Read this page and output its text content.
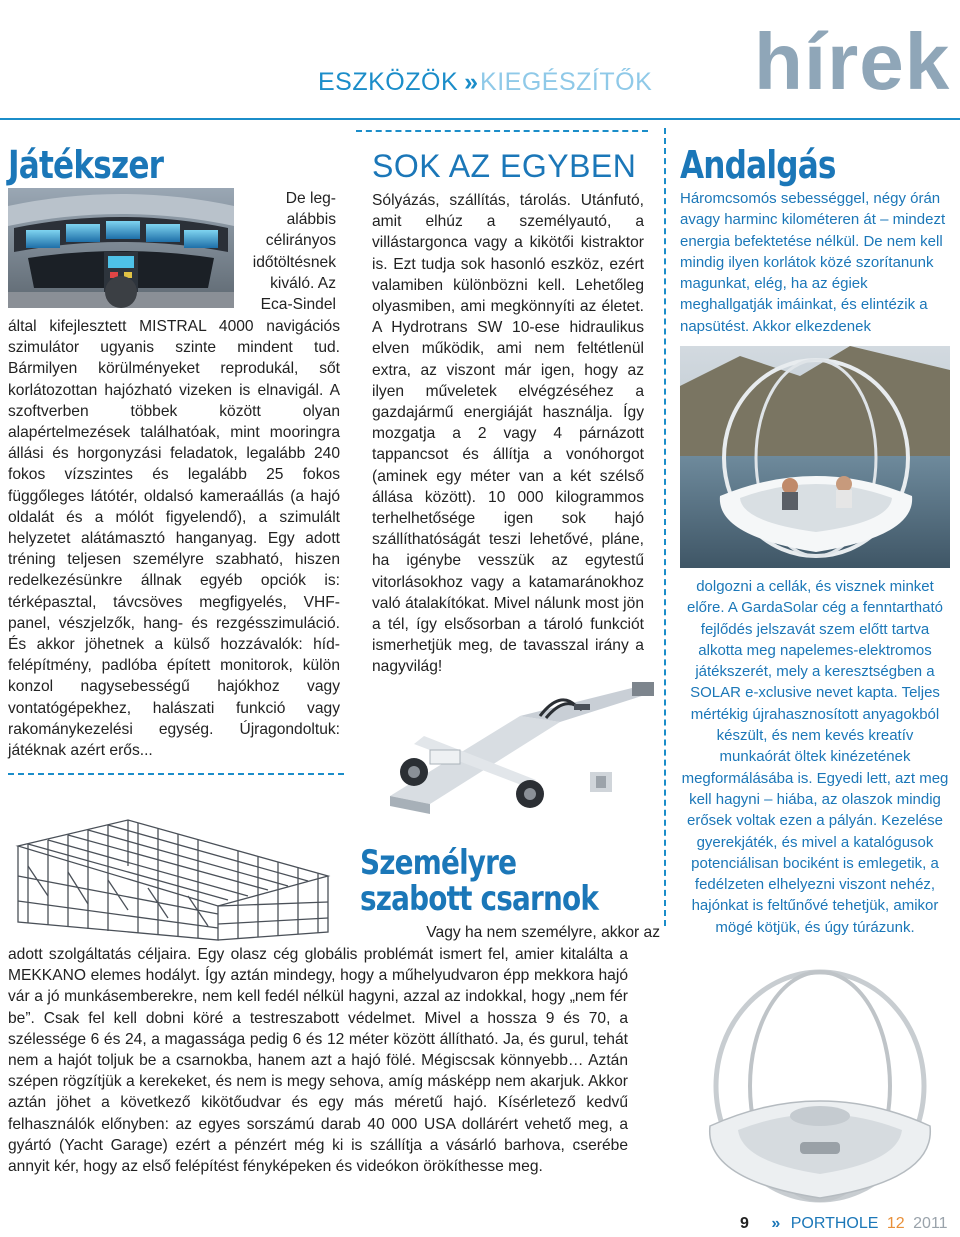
ESZKÖZÖK » KIEGÉSZÍTŐK hírek
Játékszer

De leg-

alábbis

célirányos

időtöltésnek

kiváló. Az

Eca-Sindel

által kifejlesztett MISTRAL 4000 navigációs szimulátor ugyanis szinte mindent tud. Bármilyen körülményeket reprodukál, sőt korlátozottan hajózható vizeken is elnavigál. A szoftverben többek között olyan alapértelmezések találhatóak, mint mooringra állási és horgonyzási feladatok, legalább 240 fokos vízszintes és legalább 25 fokos függőleges látótér, oldalsó kameraállás (a hajó oldalát és a mólót figyelendő), a szimulált helyzetet alátámasztó hanganyag. Egy adott tréning teljesen személyre szabható, hiszen redelkezésünkre állnak egyéb opciók is: térképasztal, távcsöves megfigyelés, VHF-panel, vészjelzők, hang- és rezgésszimuláció. És akkor jöhetnek a külső hozzávalók: híd-felépítmény, padlóba épített monitorok, külön konzol nagysebességű hajókhoz vagy vontatógépekhez, halászati funkció vagy rakománykezelési egység. Újragondoltuk: játéknak azért erős...
SOK AZ EGYBEN
Sólyázás, szállítás, tárolás. Utánfutó, amit elhúz a személyautó, a villástargonca vagy a kikötői kistraktor is. Ezt tudja sok hasonló eszköz, ezért valamiben különbözni kell. Lehetőleg olyasmiben, ami megkönnyíti az életet. A Hydrotrans SW 10-ese hidraulikus elven működik, ami nem feltétlenül extra, az viszont már igen, hogy az ilyen műveletek elvégzéséhez a gazdajármű energiáját használja. Így mozgatja a 2 vagy 4 párnázott tappancsot és állítja a vonóhorgot (aminek egy méter van a két szélső állása között). 10 000 kilogrammos terhelhetősége igen sok hajó szállíthatóságát teszi lehetővé, pláne, ha igénybe vesszük az egytestű vitorlásokhoz vagy a katamaránokhoz való átalakítókat. Mivel nálunk most jön a tél, így elsősorban a tároló funkciót ismerhetjük meg, de tavasszal irány a nagyvilág!
Andalgás
Háromcsomós sebességgel, négy órán avagy harminc kilométeren át – mindezt energia befektetése nélkül. De nem kell mindig ilyen korlátok közé szorítanunk magunkat, elég, ha az égiek meghallgatják imáinkat, és elintézik a napsütést. Akkor elkezdenek
dolgozni a cellák, és visznek minket előre. A GardaSolar cég a fenntartható fejlődés jelszavát szem előtt tartva alkotta meg napelemes-elektromos játékszerét, mely a keresztségben a SOLAR e-xclusive nevet kapta. Teljes mértékig újrahasznosított anyagokból készült, és nem kevés kreatív munkaórát öltek kinézetének megformálásába is. Egyedi lett, azt meg kell hagyni – hiába, az olaszok mindig erősek voltak ezen a pályán. Kezelése gyerekjáték, és mivel a katalógusok potenciálisan bociként is emlegetik, a fedélzeten elhelyezni viszont nehéz, hajónkat is feltűnővé tehetjük, amikor mögé kötjük, és úgy túrázunk.
Személyre
szabott csarnok
Vagy ha nem személyre, akkor az
adott szolgáltatás céljaira. Egy olasz cég globális problémát ismert fel, amier kitalálta a MEKKANO elemes hodályt. Így aztán mindegy, hogy a műhelyudvaron épp mekkora hajó vár a jó munkásemberekre, nem kell fedél nélkül hagyni, azzal az indokkal, hogy „nem fér be”. Csak fel kell dobni köré a testreszabott védelmet. Mivel a hossza 9 és 70, a szélessége 6 és 24, a magassága pedig 6 és 12 méter között állítható. Ja, és gurul, tehát nem a hajót toljuk be a csarnokba, hanem azt a hajó fölé. Mégiscsak könnyebb… Aztán szépen rögzítjük a kerekeket, és nem is megy sehova, amíg másképp nem akarjuk. Akkor aztán jöhet a következő kikötőudvar és egy más méretű hajó. Kísérletező kedvű felhasználók előnyben: az egyes sorszámú darab 40 000 USA dollárért vehető meg, a gyártó (Yacht Garage) ezért a pénzért még ki is szállítja a vásárló barhova, cserébe annyit kér, hogy az első felépítést fényképeken és videókon örökíthesse meg.
9 » PORTHOLE 12 2011
